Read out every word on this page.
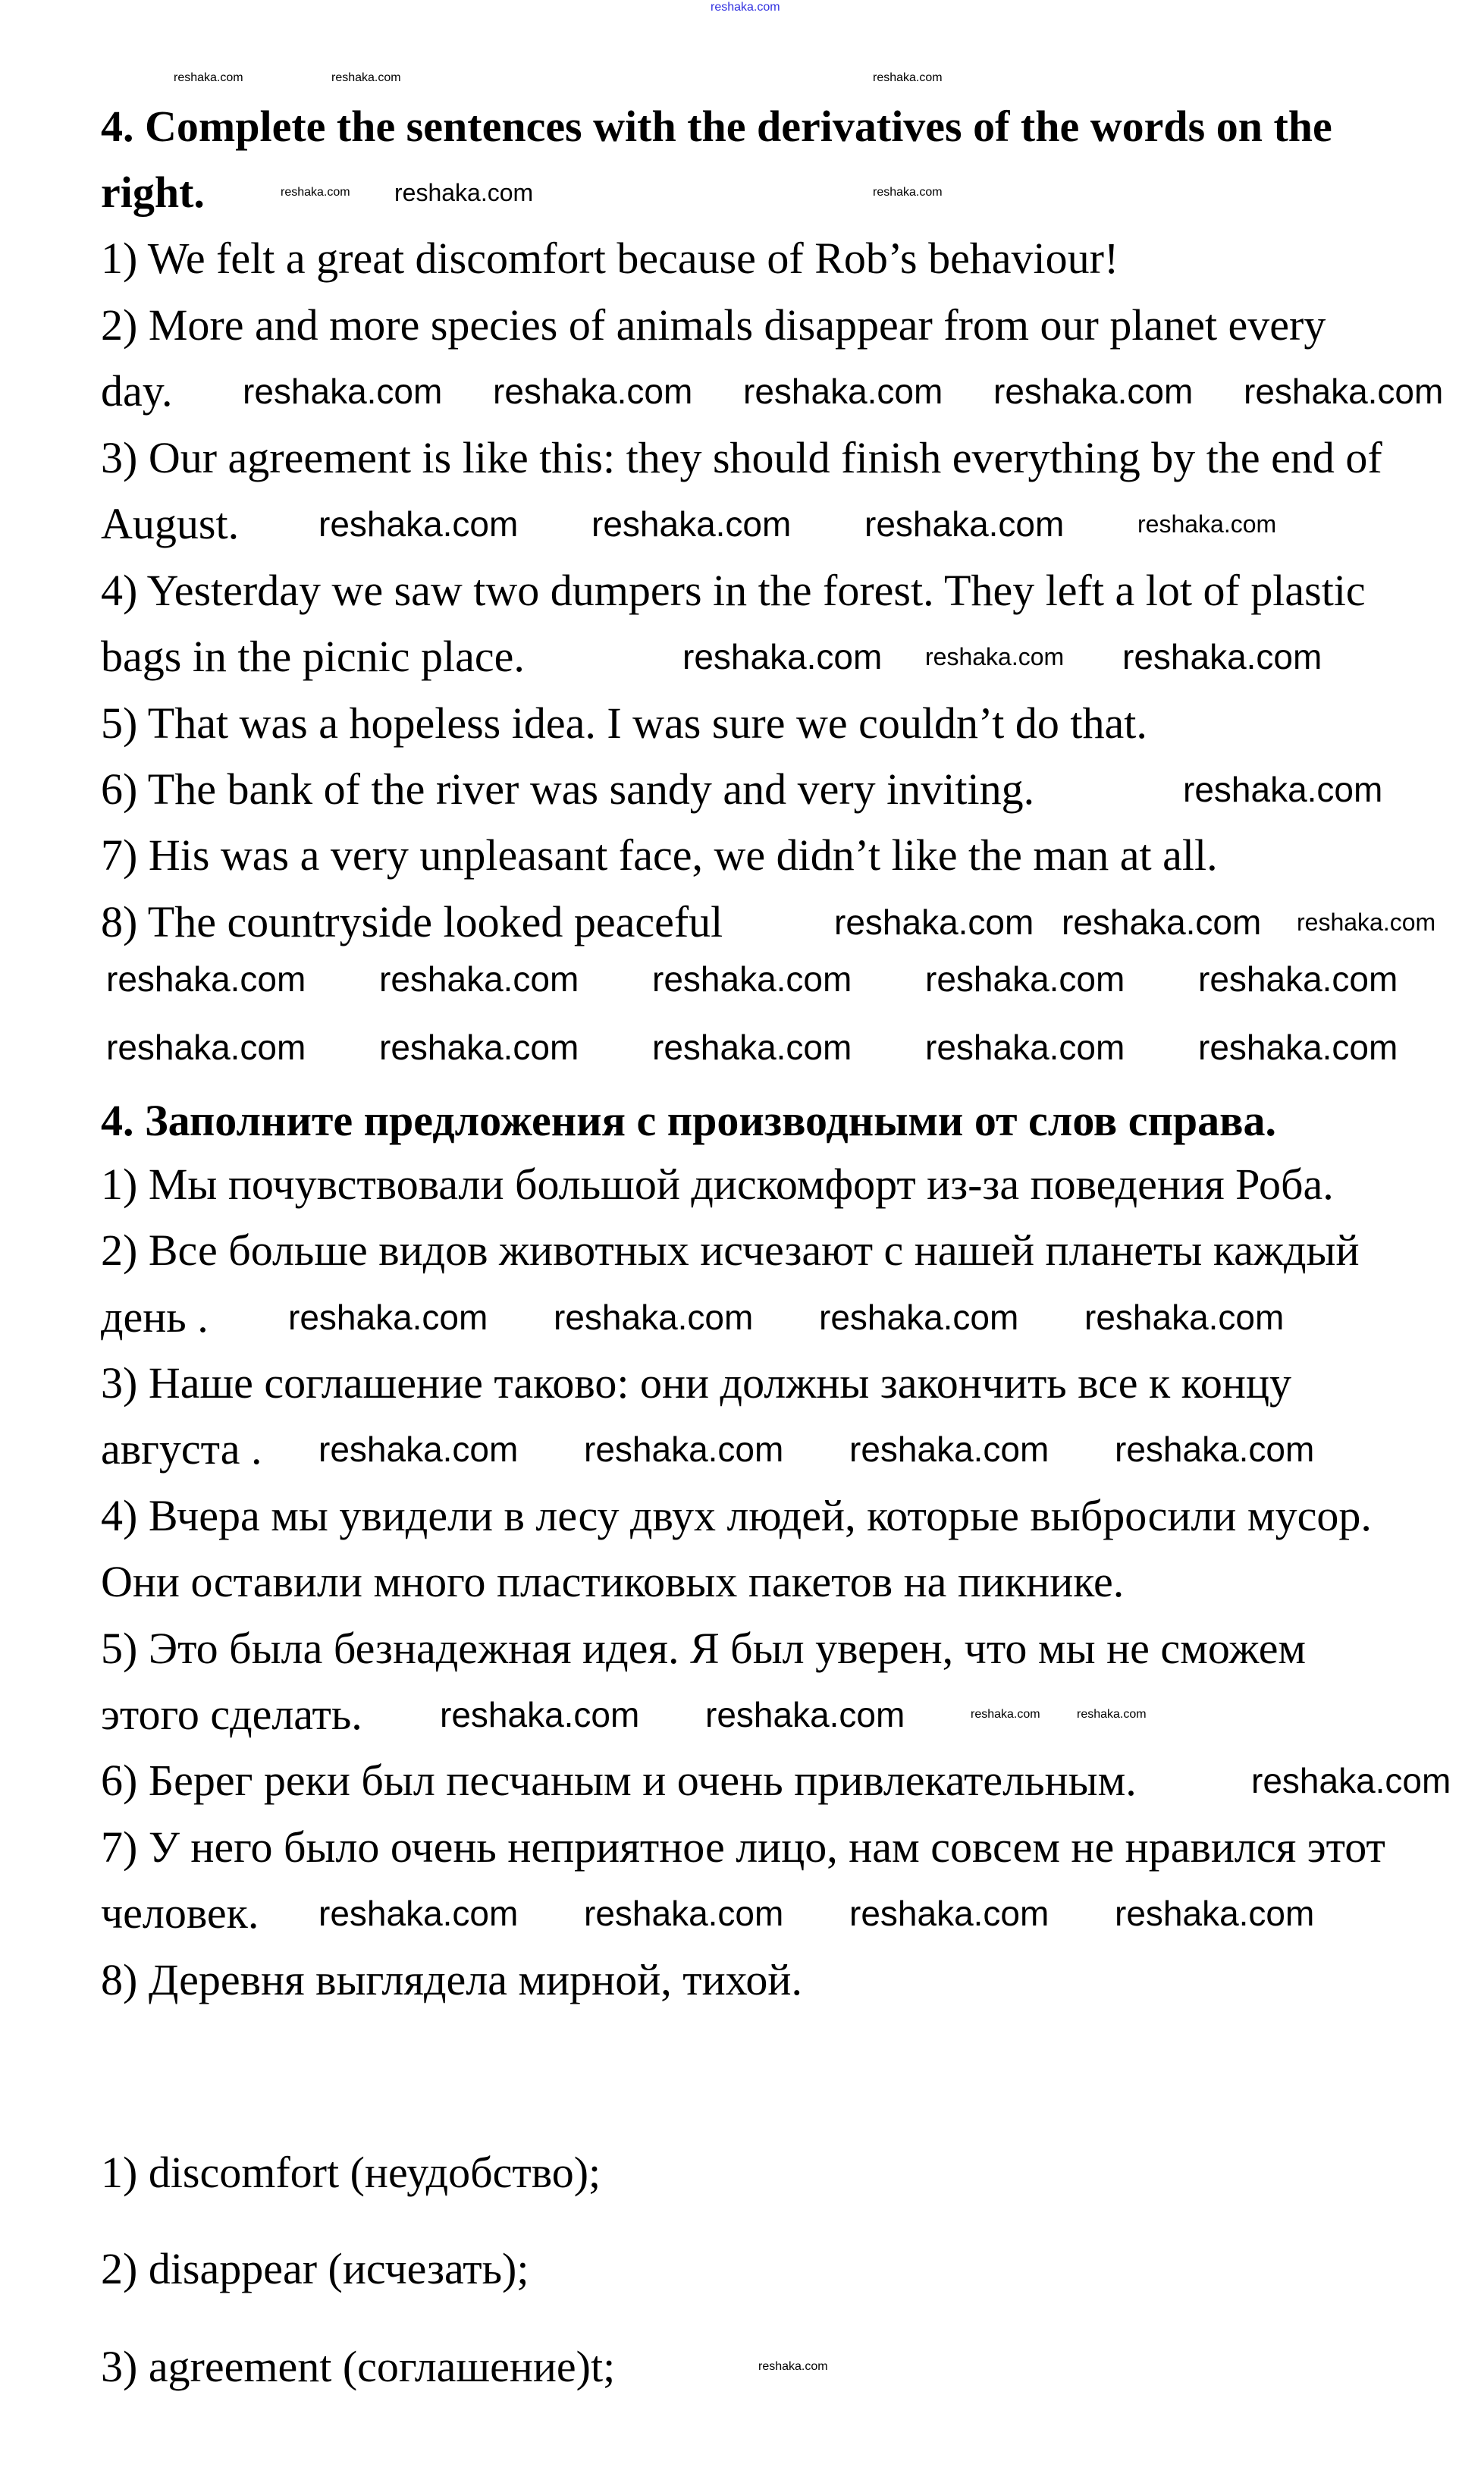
4. Complete the sentences with the derivatives of the words on the
right.
1) We felt a great discomfort because of Rob’s behaviour!
2) More and more species of animals disappear from our planet every
day.
3) Our agreement is like this: they should finish everything by the end of
August.
4) Yesterday we saw two dumpers in the forest. They left a lot of plastic
bags in the picnic place.
5) That was a hopeless idea. I was sure we couldn’t do that.
6) The bank of the river was sandy and very inviting.
7) His was a very unpleasant face, we didn’t like the man at all.
8) The countryside looked peaceful
4. Заполните предложения с производными от слов справа.
1) Мы почувствовали большой дискомфорт из-за поведения Роба.
2) Все больше видов животных исчезают с нашей планеты каждый
день .
3) Наше соглашение таково: они должны закончить все к концу
августа .
4) Вчера мы увидели в лесу двух людей, которые выбросили мусор.
Они оставили много пластиковых пакетов на пикнике.
5) Это была безнадежная идея. Я был уверен, что мы не сможем
этого сделать.
6) Берег реки был песчаным и очень привлекательным.
7) У него было очень неприятное лицо, нам совсем не нравился этот
человек.
8) Деревня выглядела мирной, тихой.
1) discomfort (неудобство);
2) disappear (исчезать);
3) agreement (соглашение)t;
reshaka.com
reshaka.com	reshaka.com	reshaka.com
reshaka.com reshaka.com	reshaka.com
reshaka.com reshaka.com reshaka.com reshaka.com reshaka.com
reshaka.com reshaka.com reshaka.com	reshaka.com
reshaka.com reshaka.com reshaka.com
reshaka.com
reshaka.com reshaka.com reshaka.com
reshaka.com reshaka.com reshaka.com reshaka.com reshaka.com
reshaka.com reshaka.com reshaka.com reshaka.com reshaka.com
reshaka.com reshaka.com reshaka.com reshaka.com
reshaka.com reshaka.com reshaka.com reshaka.com
reshaka.com reshaka.com	reshaka.com	reshaka.com
reshaka.com
reshaka.com reshaka.com reshaka.com reshaka.com
reshaka.com
